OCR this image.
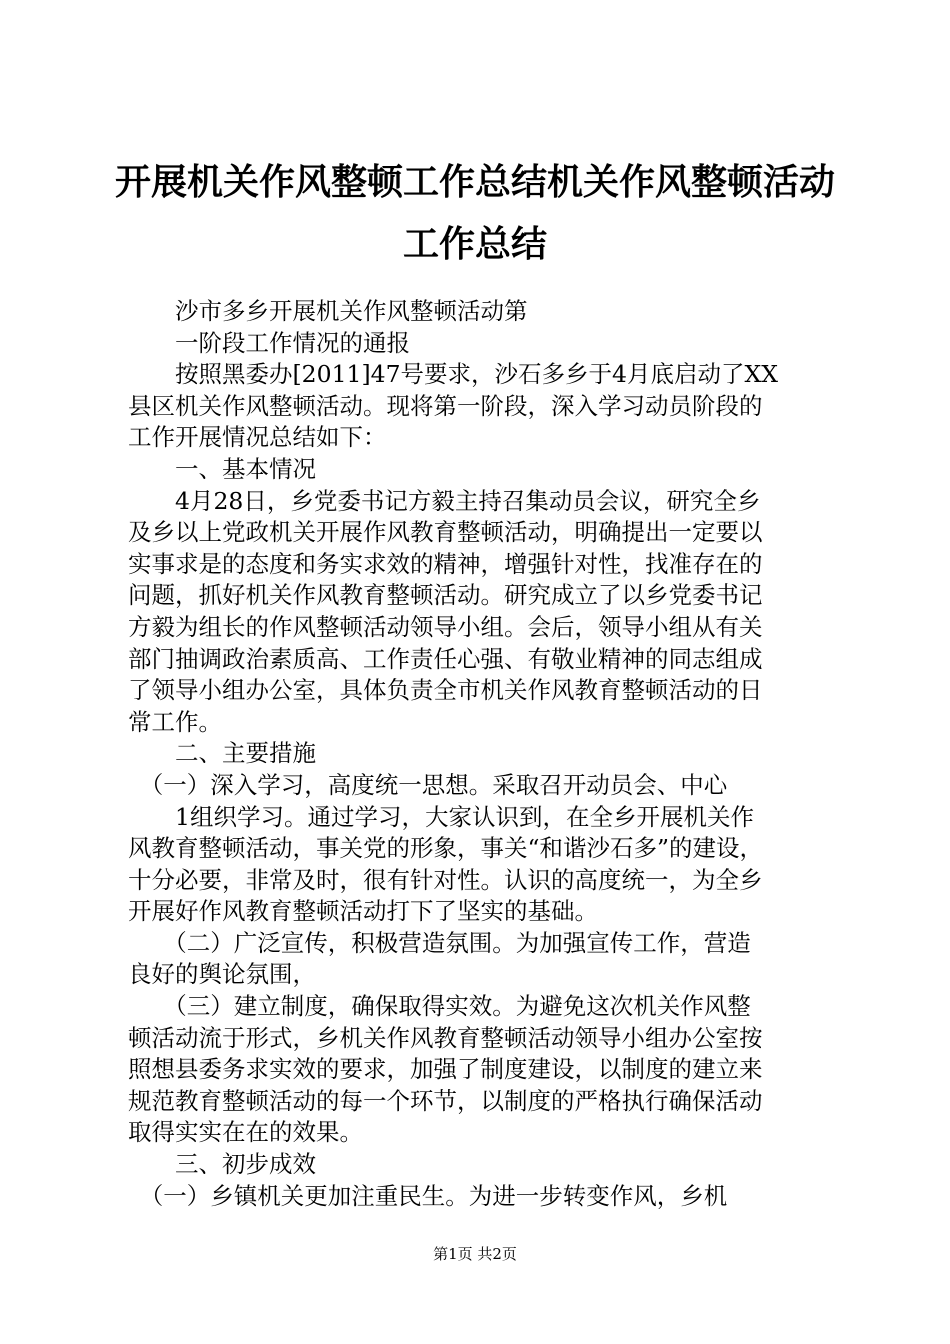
开展机关作风整顿工作总结机关作风整顿活动
工作总结

　　沙市多乡开展机关作风整顿活动第

　　一阶段工作情况的通报

　　按照黑委办[2011]47号要求，沙石多乡于4月底启动了XX

县区机关作风整顿活动。现将第一阶段，深入学习动员阶段的

工作开展情况总结如下：

　　一、基本情况

　　4月28日，乡党委书记方毅主持召集动员会议，研究全乡

及乡以上党政机关开展作风教育整顿活动，明确提出一定要以

实事求是的态度和务实求效的精神，增强针对性，找准存在的

问题，抓好机关作风教育整顿活动。研究成立了以乡党委书记

方毅为组长的作风整顿活动领导小组。会后，领导小组从有关

部门抽调政治素质高、工作责任心强、有敬业精神的同志组成

了领导小组办公室，具体负责全市机关作风教育整顿活动的日

常工作。

　　二、主要措施

　（一）深入学习，高度统一思想。采取召开动员会、中心

　　1组织学习。通过学习，大家认识到，在全乡开展机关作

风教育整顿活动，事关党的形象，事关“和谐沙石多”的建设，

十分必要，非常及时，很有针对性。认识的高度统一，为全乡

开展好作风教育整顿活动打下了坚实的基础。

　　（二）广泛宣传，积极营造氛围。为加强宣传工作，营造

良好的舆论氛围，

　　（三）建立制度，确保取得实效。为避免这次机关作风整

顿活动流于形式，乡机关作风教育整顿活动领导小组办公室按

照想县委务求实效的要求，加强了制度建设，以制度的建立来

规范教育整顿活动的每一个环节，以制度的严格执行确保活动

取得实实在在的效果。

　　三、初步成效

　（一）乡镇机关更加注重民生。为进一步转变作风，乡机

第1页 共2页
